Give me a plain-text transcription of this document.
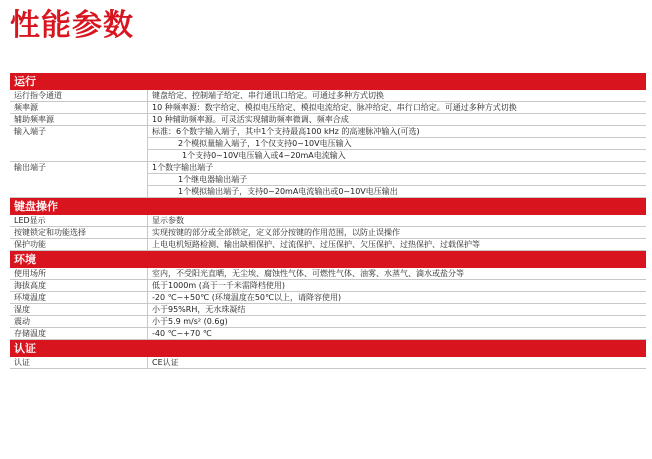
性能参数
运行
运行指令通道	键盘给定、控制端子给定、串行通讯口给定。可通过多种方式切换
频率源	10 种频率源：数字给定、模拟电压给定、模拟电流给定、脉冲给定、串行口给定。可通过多种方式切换
辅助频率源	10 种辅助频率源。可灵活实现辅助频率微调、频率合成
输入端子	标准：6个数字输入端子，其中1个支持最高100 kHz 的高速脉冲输入(可选)
2个模拟量输入端子，1个仅支持0~10V电压输入
1个支持0~10V电压输入或4~20mA电流输入
输出端子	1个数字输出端子
1个继电器输出端子
1个模拟输出端子，支持0~20mA电流输出或0~10V电压输出
键盘操作
LED显示	显示参数
按键锁定和功能选择	实现按键的部分或全部锁定，定义部分按键的作用范围，以防止误操作
保护功能	上电电机短路检测、输出缺相保护、过流保护、过压保护、欠压保护、过热保护、过载保护等
环境
使用场所	室内，不受阳光直晒，无尘埃、腐蚀性气体、可燃性气体、油雾、水蒸气、滴水或盐分等
海拔高度	低于1000m (高于一千米需降档使用)
环境温度	-20 ℃~+50℃ (环境温度在50℃以上，请降容使用)
湿度	小于95%RH，无水珠凝结
震动	小于5.9 m/s² (0.6g)
存储温度	-40 ℃~+70 ℃
认证
认证	CE认证
